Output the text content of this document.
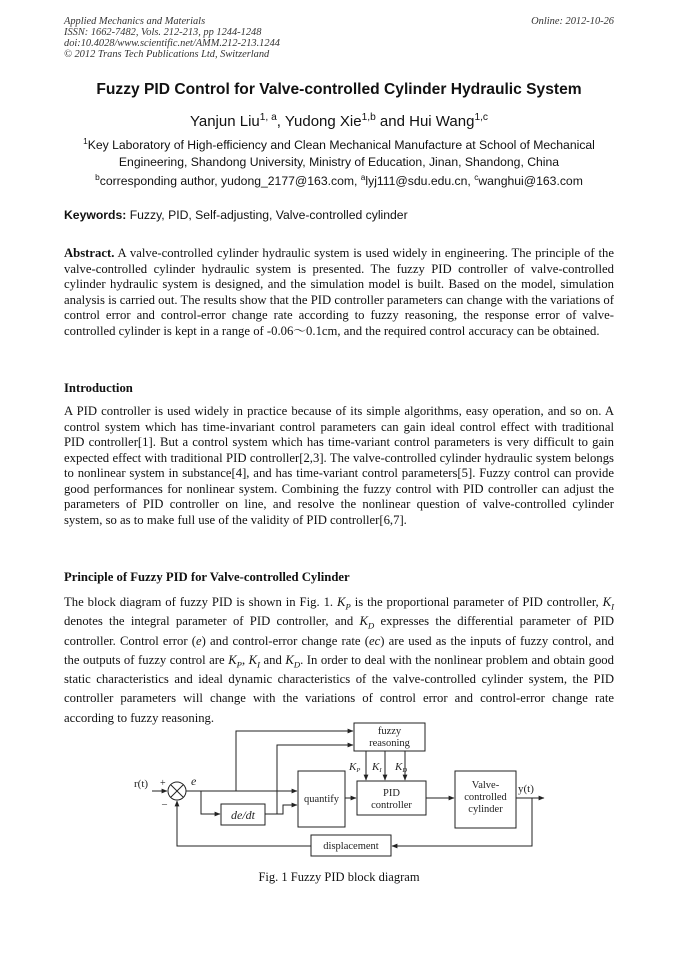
Applied Mechanics and Materials	Online: 2012-10-26
ISSN: 1662-7482, Vols. 212-213, pp 1244-1248
doi:10.4028/www.scientific.net/AMM.212-213.1244
© 2012 Trans Tech Publications Ltd, Switzerland
Fuzzy PID Control for Valve-controlled Cylinder Hydraulic System
Yanjun Liu$^{1, a}$, Yudong Xie$^{1,b}$ and Hui Wang$^{1,c}$
$^1$Key Laboratory of High-efficiency and Clean Mechanical Manufacture at School of Mechanical Engineering, Shandong University, Ministry of Education, Jinan, Shandong, China
$^b$corresponding author, yudong_2177@163.com, $^a$lyj111@sdu.edu.cn, $^c$wanghui@163.com
Keywords: Fuzzy, PID, Self-adjusting, Valve-controlled cylinder
Abstract. A valve-controlled cylinder hydraulic system is used widely in engineering. The principle of the valve-controlled cylinder hydraulic system is presented. The fuzzy PID controller of valve-controlled cylinder hydraulic system is designed, and the simulation model is built. Based on the model, simulation analysis is carried out. The results show that the PID controller parameters can change with the variations of control error and control-error change rate according to fuzzy reasoning, the response error of valve-controlled cylinder is kept in a range of -0.06～0.1cm, and the required control accuracy can be obtained.
Introduction
A PID controller is used widely in practice because of its simple algorithms, easy operation, and so on. A control system which has time-invariant control parameters can gain ideal control effect with traditional PID controller[1]. But a control system which has time-variant control parameters is very difficult to gain expected effect with traditional PID controller[2,3]. The valve-controlled cylinder hydraulic system belongs to nonlinear system in substance[4], and has time-variant control parameters[5]. Fuzzy control can provide good performances for nonlinear system. Combining the fuzzy control with PID controller can adjust the parameters of PID controller on line, and resolve the nonlinear question of valve-controlled cylinder system, so as to make full use of the validity of PID controller[6,7].
Principle of Fuzzy PID for Valve-controlled Cylinder
The block diagram of fuzzy PID is shown in Fig. 1. $K_P$ is the proportional parameter of PID controller, $K_I$ denotes the integral parameter of PID controller, and $K_D$ expresses the differential parameter of PID controller. Control error (e) and control-error change rate (ec) are used as the inputs of fuzzy control, and the outputs of fuzzy control are $K_P$, $K_I$ and $K_D$. In order to deal with the nonlinear problem and obtain good static characteristics and ideal dynamic characteristics of the valve-controlled cylinder system, the PID controller parameters will change with the variations of control error and control-error change rate according to fuzzy reasoning.
fuzzy
reasoning
quantify
PID
controller
Valve-
controlled
cylinder
displacement
de/dt
r(t)	y(t)
+
–
e
KP KI KD
Fig. 1 Fuzzy PID block diagram
